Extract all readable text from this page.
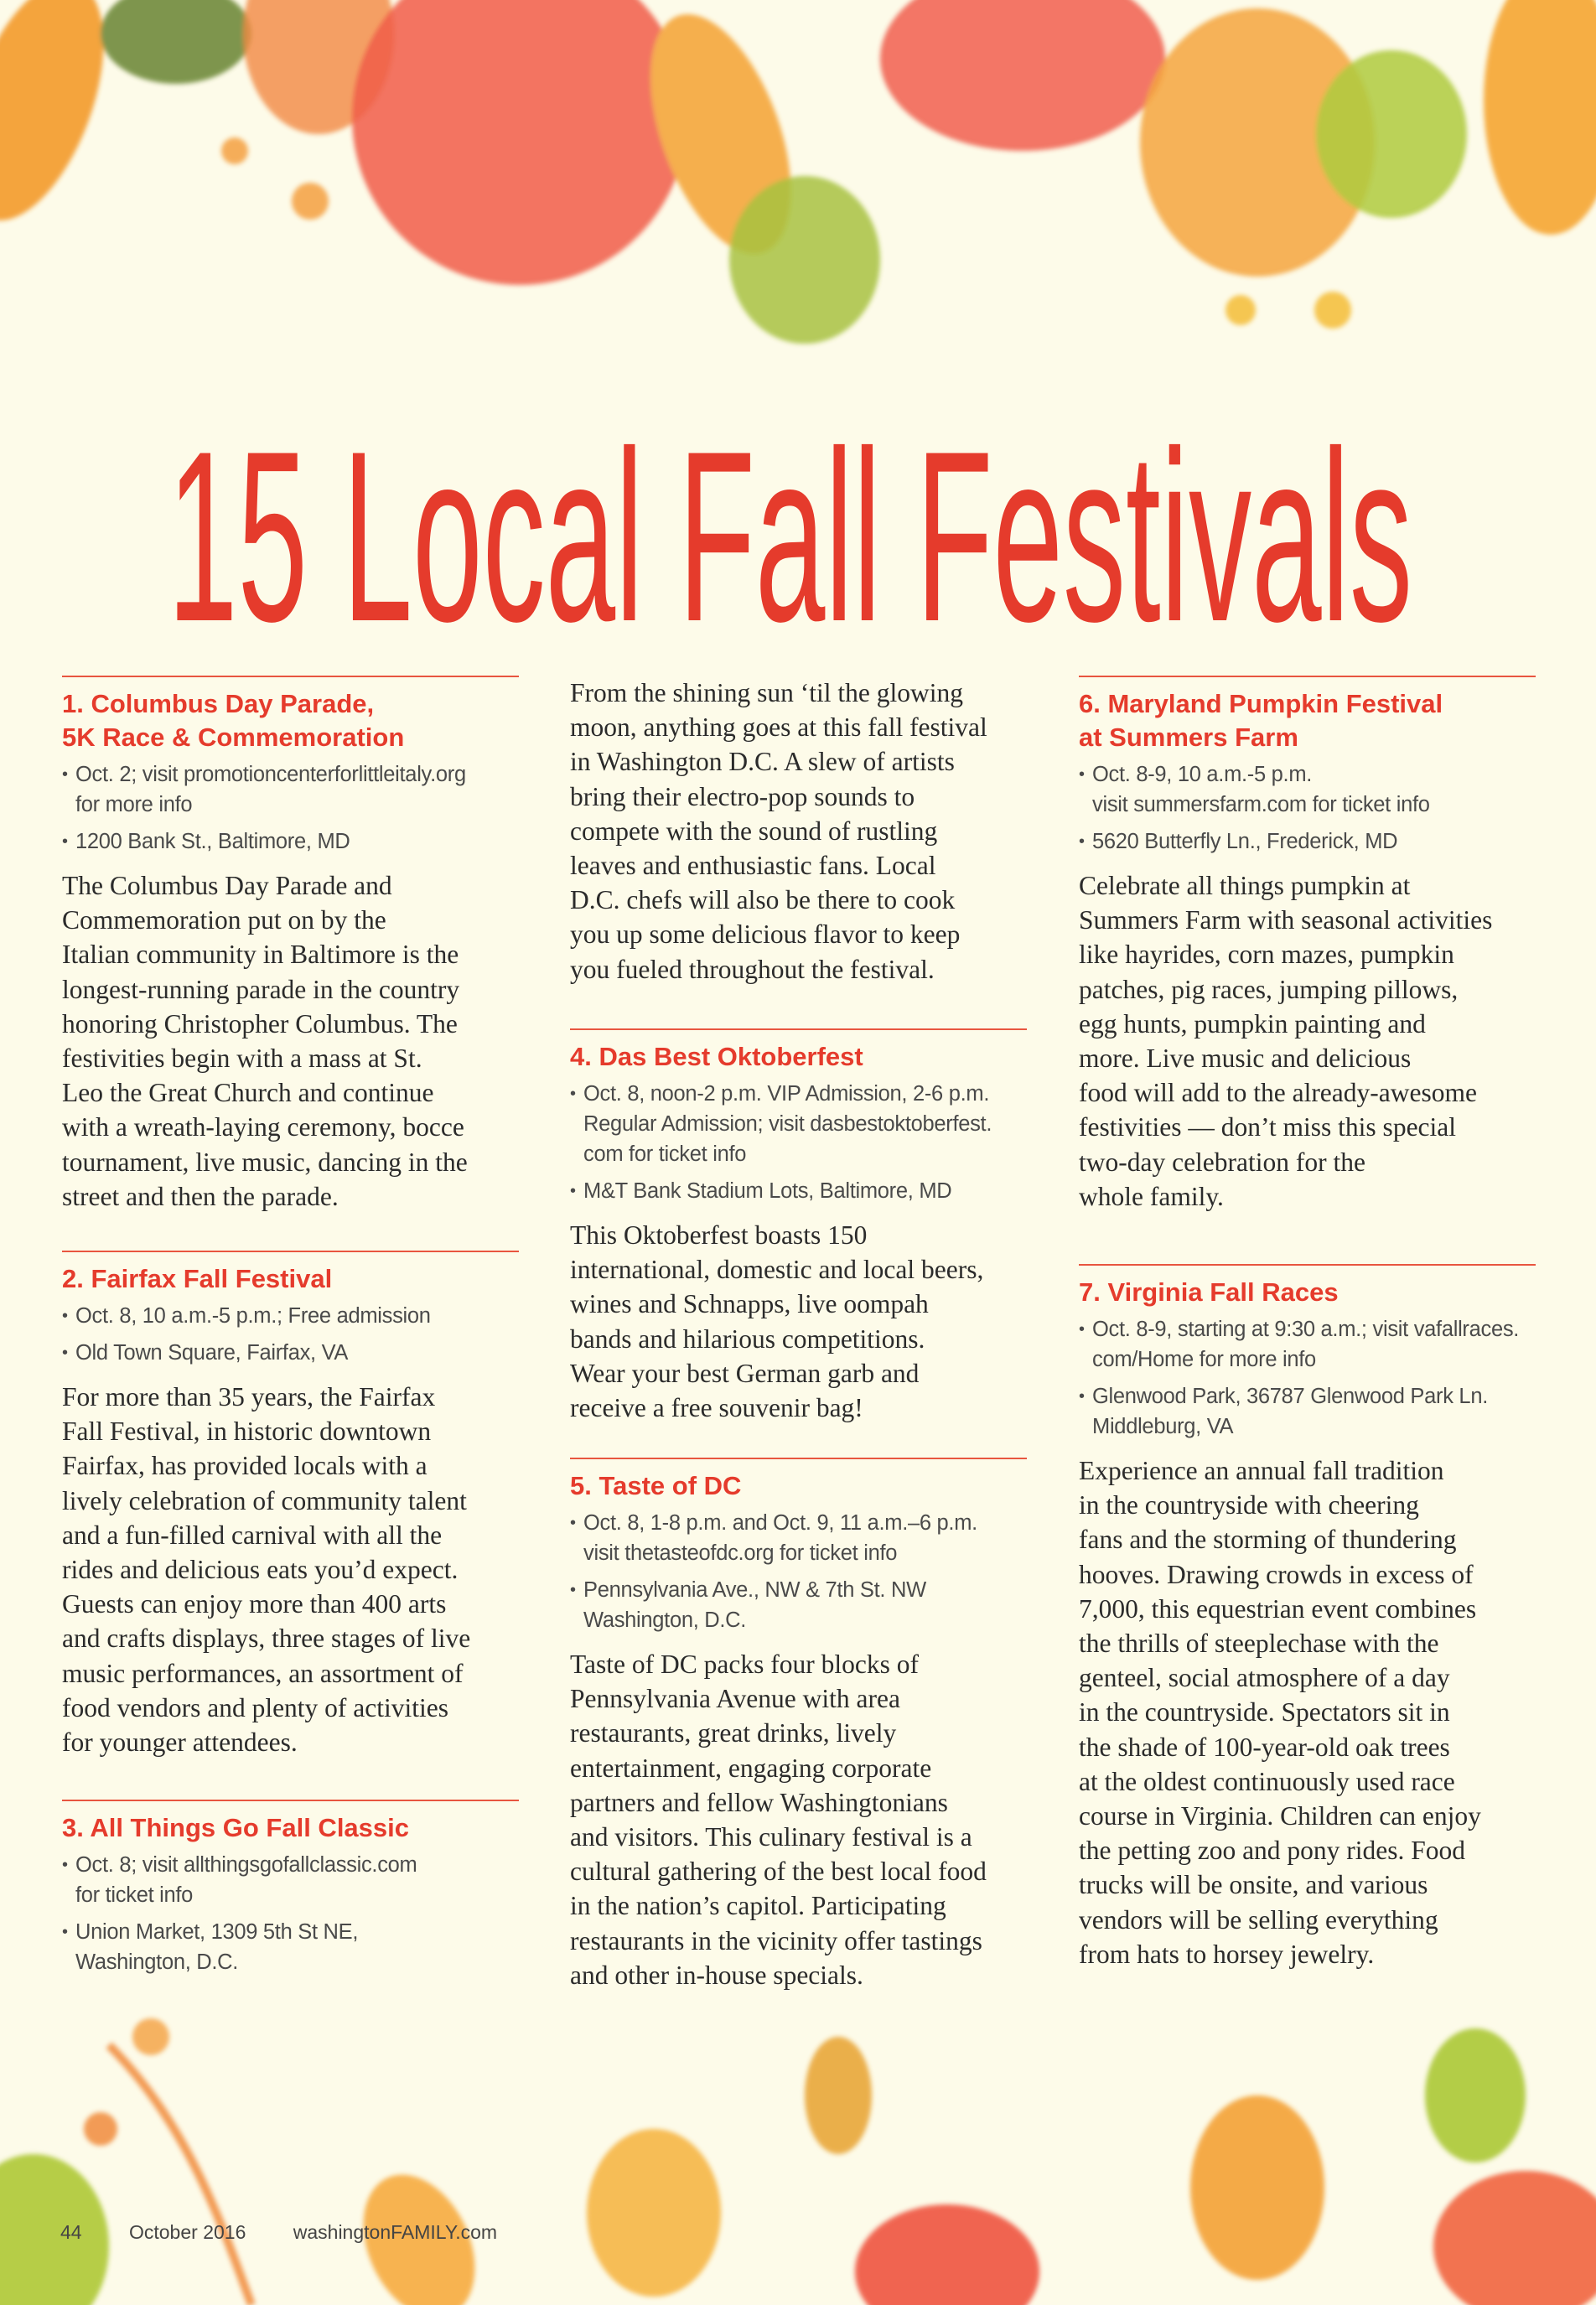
15 Local Fall Festivals
1. Columbus Day Parade,
5K Race & Commemoration
• Oct. 2; visit promotioncenterforlittleitaly.org
for more info
• 1200 Bank St., Baltimore, MD
The Columbus Day Parade and
Commemoration put on by the
Italian community in Baltimore is the
longest-running parade in the country
honoring Christopher Columbus. The
festivities begin with a mass at St.
Leo the Great Church and continue
with a wreath-laying ceremony, bocce
tournament, live music, dancing in the
street and then the parade.
2. Fairfax Fall Festival
• Oct. 8, 10 a.m.-5 p.m.; Free admission
• Old Town Square, Fairfax, VA
For more than 35 years, the Fairfax
Fall Festival, in historic downtown
Fairfax, has provided locals with a
lively celebration of community talent
and a fun-filled carnival with all the
rides and delicious eats you’d expect.
Guests can enjoy more than 400 arts
and crafts displays, three stages of live
music performances, an assortment of
food vendors and plenty of activities
for younger attendees.
3. All Things Go Fall Classic
• Oct. 8; visit allthingsgofallclassic.com
for ticket info
• Union Market, 1309 5th St NE,
Washington, D.C.
From the shining sun ‘til the glowing
moon, anything goes at this fall festival
in Washington D.C. A slew of artists
bring their electro-pop sounds to
compete with the sound of rustling
leaves and enthusiastic fans. Local
D.C. chefs will also be there to cook
you up some delicious flavor to keep
you fueled throughout the festival.
4. Das Best Oktoberfest
• Oct. 8, noon-2 p.m. VIP Admission, 2-6 p.m.
Regular Admission; visit dasbestoktoberfest.
com for ticket info
• M&T Bank Stadium Lots, Baltimore, MD
This Oktoberfest boasts 150
international, domestic and local beers,
wines and Schnapps, live oompah
bands and hilarious competitions.
Wear your best German garb and
receive a free souvenir bag!
5. Taste of DC
• Oct. 8, 1-8 p.m. and Oct. 9, 11 a.m.–6 p.m.
visit thetasteofdc.org for ticket info
• Pennsylvania Ave., NW & 7th St. NW
Washington, D.C.
Taste of DC packs four blocks of
Pennsylvania Avenue with area
restaurants, great drinks, lively
entertainment, engaging corporate
partners and fellow Washingtonians
and visitors. This culinary festival is a
cultural gathering of the best local food
in the nation’s capitol. Participating
restaurants in the vicinity offer tastings
and other in-house specials.
6. Maryland Pumpkin Festival
at Summers Farm
• Oct. 8-9, 10 a.m.-5 p.m.
visit summersfarm.com for ticket info
• 5620 Butterfly Ln., Frederick, MD
Celebrate all things pumpkin at
Summers Farm with seasonal activities
like hayrides, corn mazes, pumpkin
patches, pig races, jumping pillows,
egg hunts, pumpkin painting and
more. Live music and delicious
food will add to the already-awesome
festivities — don’t miss this special
two-day celebration for the
whole family.
7. Virginia Fall Races
• Oct. 8-9, starting at 9:30 a.m.; visit vafallraces.
com/Home for more info
• Glenwood Park, 36787 Glenwood Park Ln.
Middleburg, VA
Experience an annual fall tradition
in the countryside with cheering
fans and the storming of thundering
hooves. Drawing crowds in excess of
7,000, this equestrian event combines
the thrills of steeplechase with the
genteel, social atmosphere of a day
in the countryside. Spectators sit in
the shade of 100-year-old oak trees
at the oldest continuously used race
course in Virginia. Children can enjoy
the petting zoo and pony rides. Food
trucks will be onsite, and various
vendors will be selling everything
from hats to horsey jewelry.
44 October 2016 washingtonFAMILY.com
